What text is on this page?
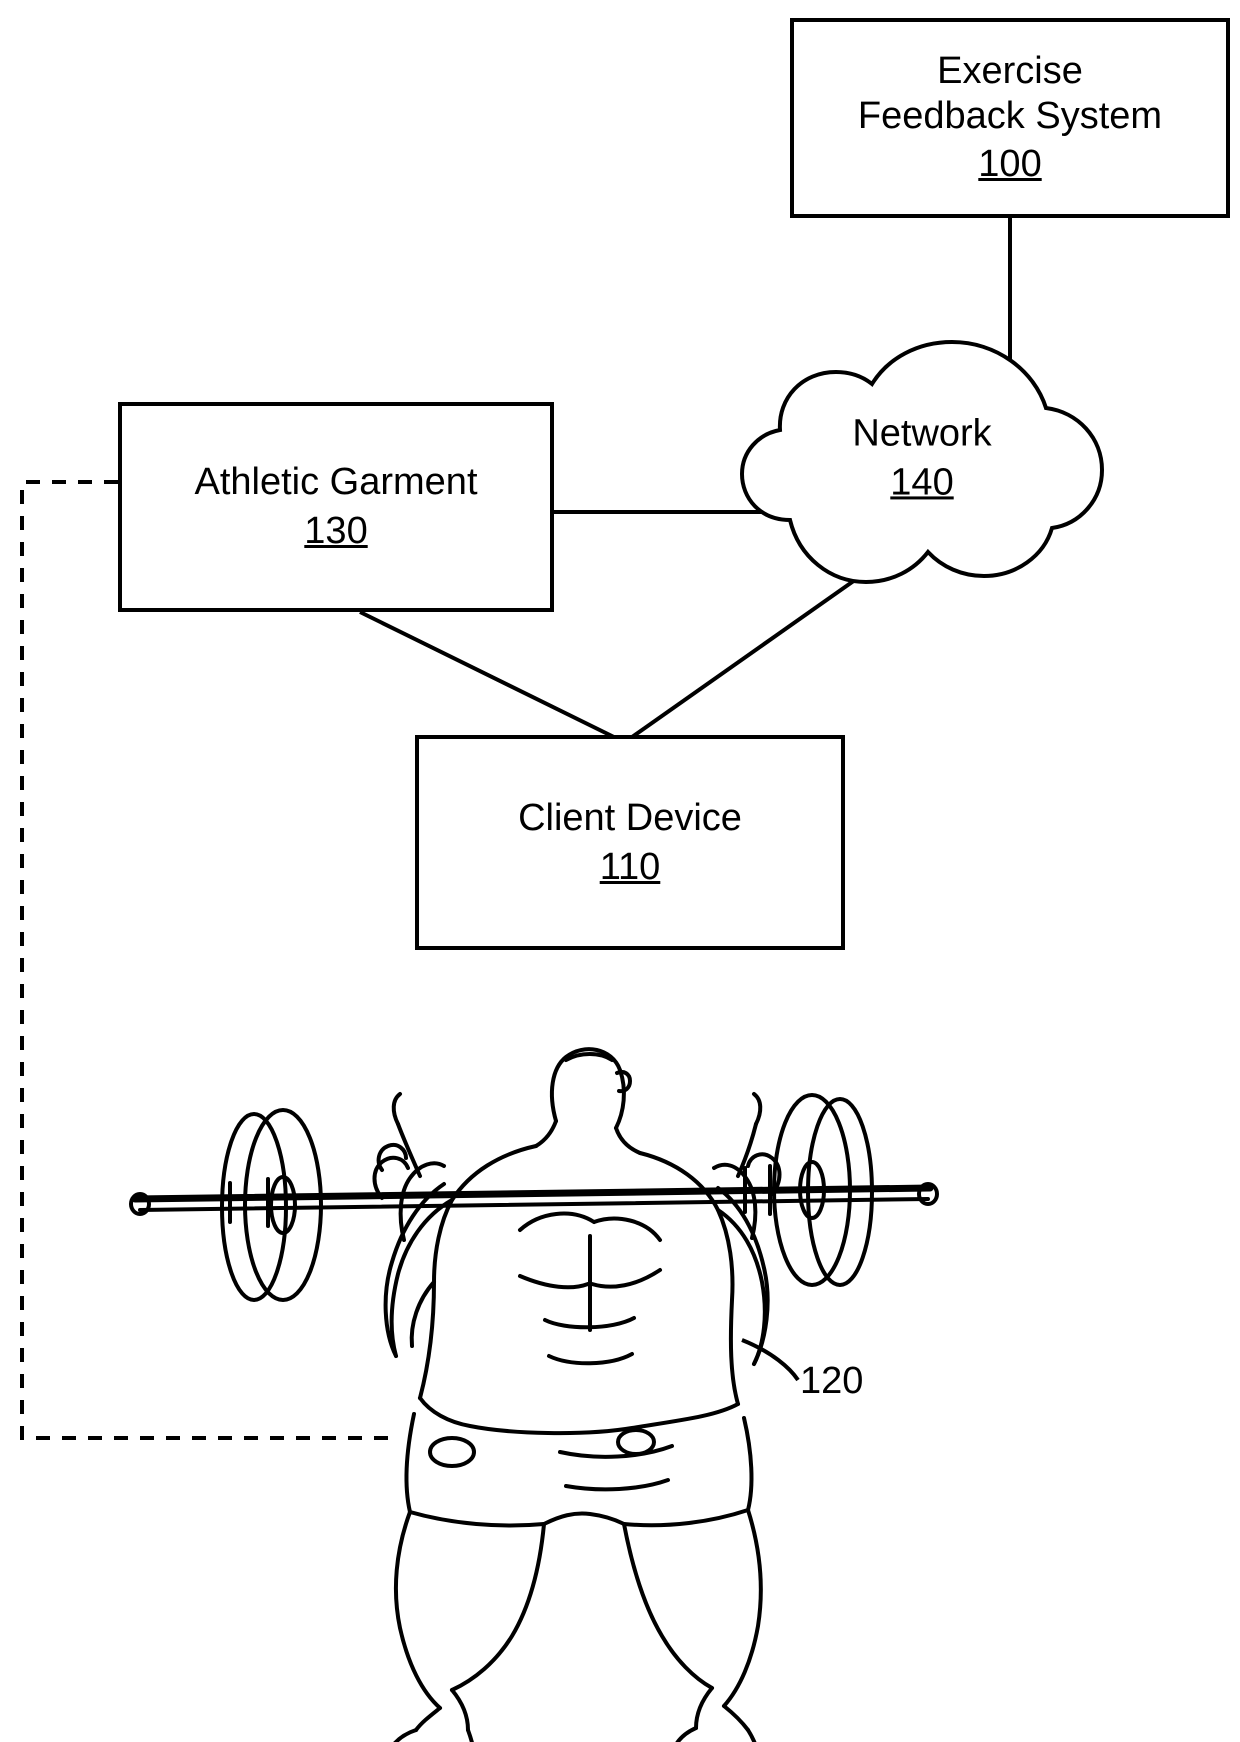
Exercise
Feedback System
100
Athletic Garment
130
Network
140
Client Device
110
120
